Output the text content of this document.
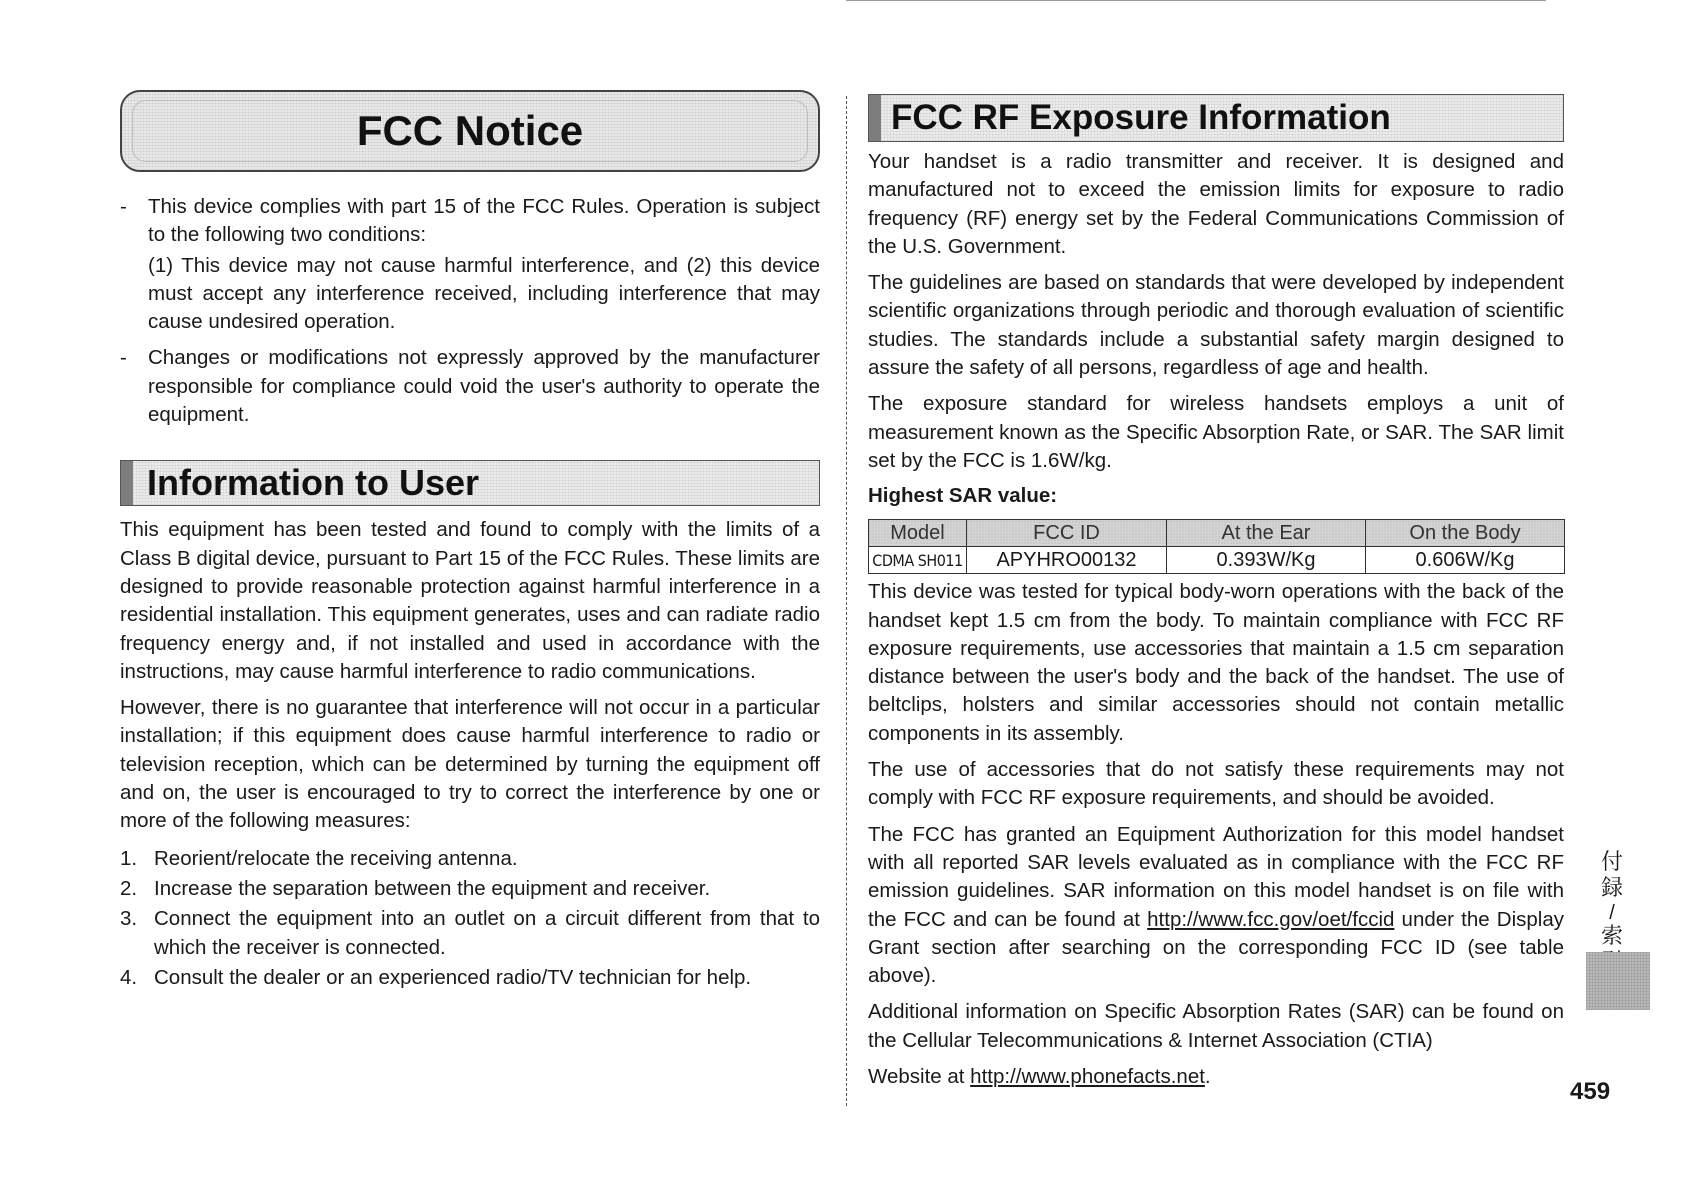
FCC Notice
- This device complies with part 15 of the FCC Rules. Operation is subject to the following two conditions:

(1) This device may not cause harmful interference, and (2) this device must accept any interference received, including interference that may cause undesired operation.

- Changes or modifications not expressly approved by the manufacturer responsible for compliance could void the user's authority to operate the equipment.
Information to User

This equipment has been tested and found to comply with the limits of a Class B digital device, pursuant to Part 15 of the FCC Rules. These limits are designed to provide reasonable protection against harmful interference in a residential installation. This equipment generates, uses and can radiate radio frequency energy and, if not installed and used in accordance with the instructions, may cause harmful interference to radio communications.

However, there is no guarantee that interference will not occur in a particular installation; if this equipment does cause harmful interference to radio or television reception, which can be determined by turning the equipment off and on, the user is encouraged to try to correct the interference by one or more of the following measures:

1. Reorient/relocate the receiving antenna.
2. Increase the separation between the equipment and receiver.
3. Connect the equipment into an outlet on a circuit different from that to which the receiver is connected.
4. Consult the dealer or an experienced radio/TV technician for help.
FCC RF Exposure Information

Your handset is a radio transmitter and receiver. It is designed and manufactured not to exceed the emission limits for exposure to radio frequency (RF) energy set by the Federal Communications Commission of the U.S. Government.

The guidelines are based on standards that were developed by independent scientific organizations through periodic and thorough evaluation of scientific studies. The standards include a substantial safety margin designed to assure the safety of all persons, regardless of age and health.

The exposure standard for wireless handsets employs a unit of measurement known as the Specific Absorption Rate, or SAR. The SAR limit set by the FCC is 1.6W/kg.

Highest SAR value:
Model	FCC ID	At the Ear	On the Body
CDMA SH011	APYHRO00132	0.393W/Kg	0.606W/Kg

This device was tested for typical body-worn operations with the back of the handset kept 1.5 cm from the body. To maintain compliance with FCC RF exposure requirements, use accessories that maintain a 1.5 cm separation distance between the user's body and the back of the handset. The use of beltclips, holsters and similar accessories should not contain metallic components in its assembly.

The use of accessories that do not satisfy these requirements may not comply with FCC RF exposure requirements, and should be avoided.

The FCC has granted an Equipment Authorization for this model handset with all reported SAR levels evaluated as in compliance with the FCC RF emission guidelines. SAR information on this model handset is on file with the FCC and can be found at http://www.fcc.gov/oet/fccid under the Display Grant section after searching on the corresponding FCC ID (see table above).

Additional information on Specific Absorption Rates (SAR) can be found on the Cellular Telecommunications & Internet Association (CTIA)

Website at http://www.phonefacts.net.

付
録
/
索
459
